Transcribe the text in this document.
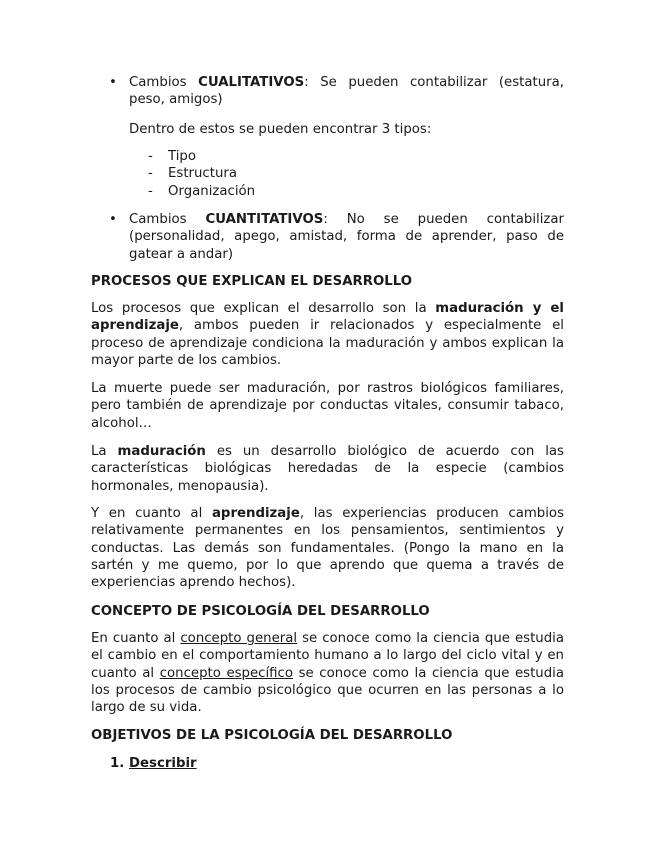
• Cambios CUALITATIVOS: Se pueden contabilizar (estatura, peso, amigos)

Dentro de estos se pueden encontrar 3 tipos:

- Tipo

- Estructura

- Organización

• Cambios CUANTITATIVOS: No se pueden contabilizar (personalidad, apego, amistad, forma de aprender, paso de gatear a andar)

PROCESOS QUE EXPLICAN EL DESARROLLO

Los procesos que explican el desarrollo son la maduración y el aprendizaje, ambos pueden ir relacionados y especialmente el proceso de aprendizaje condiciona la maduración y ambos explican la mayor parte de los cambios.

La muerte puede ser maduración, por rastros biológicos familiares, pero también de aprendizaje por conductas vitales, consumir tabaco, alcohol…

La maduración es un desarrollo biológico de acuerdo con las características biológicas heredadas de la especie (cambios hormonales, menopausia).

Y en cuanto al aprendizaje, las experiencias producen cambios relativamente permanentes en los pensamientos, sentimientos y conductas. Las demás son fundamentales. (Pongo la mano en la sartén y me quemo, por lo que aprendo que quema a través de experiencias aprendo hechos).

CONCEPTO DE PSICOLOGÍA DEL DESARROLLO

En cuanto al concepto general se conoce como la ciencia que estudia el cambio en el comportamiento humano a lo largo del ciclo vital y en cuanto al concepto específico se conoce como la ciencia que estudia los procesos de cambio psicológico que ocurren en las personas a lo largo de su vida.

OBJETIVOS DE LA PSICOLOGÍA DEL DESARROLLO

1. Describir
